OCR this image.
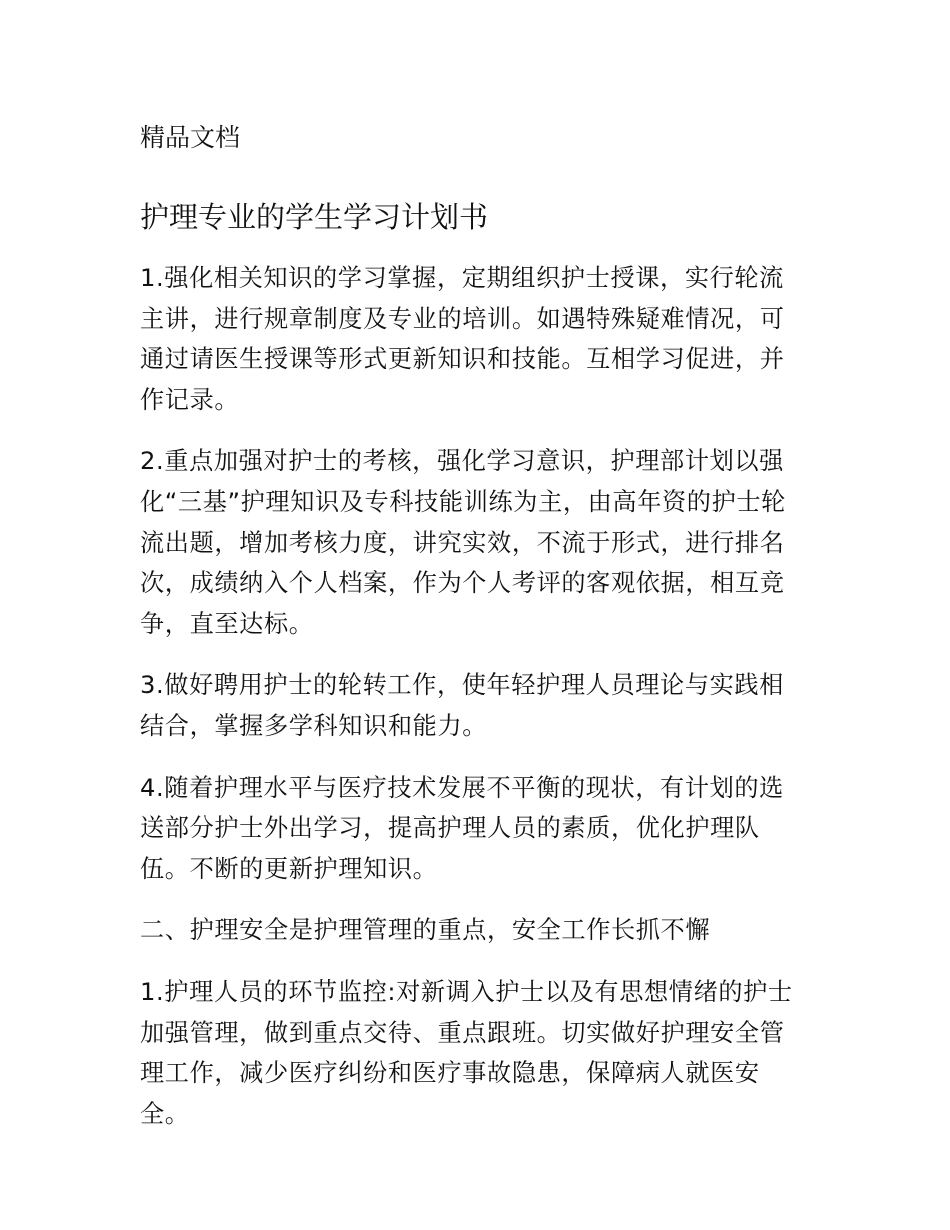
精品文档
护理专业的学生学习计划书

1.强化相关知识的学习掌握，定期组织护士授课，实行轮流主讲，进行规章制度及专业的培训。如遇特殊疑难情况，可通过请医生授课等形式更新知识和技能。互相学习促进，并作记录。

2.重点加强对护士的考核，强化学习意识，护理部计划以强化“三基”护理知识及专科技能训练为主，由高年资的护士轮流出题，增加考核力度，讲究实效，不流于形式，进行排名次，成绩纳入个人档案，作为个人考评的客观依据，相互竞争，直至达标。

3.做好聘用护士的轮转工作，使年轻护理人员理论与实践相结合，掌握多学科知识和能力。

4.随着护理水平与医疗技术发展不平衡的现状，有计划的选送部分护士外出学习，提高护理人员的素质，优化护理队伍。不断的更新护理知识。

二、护理安全是护理管理的重点，安全工作长抓不懈

1.护理人员的环节监控:对新调入护士以及有思想情绪的护士加强管理，做到重点交待、重点跟班。切实做好护理安全管理工作，减少医疗纠纷和医疗事故隐患，保障病人就医安全。
